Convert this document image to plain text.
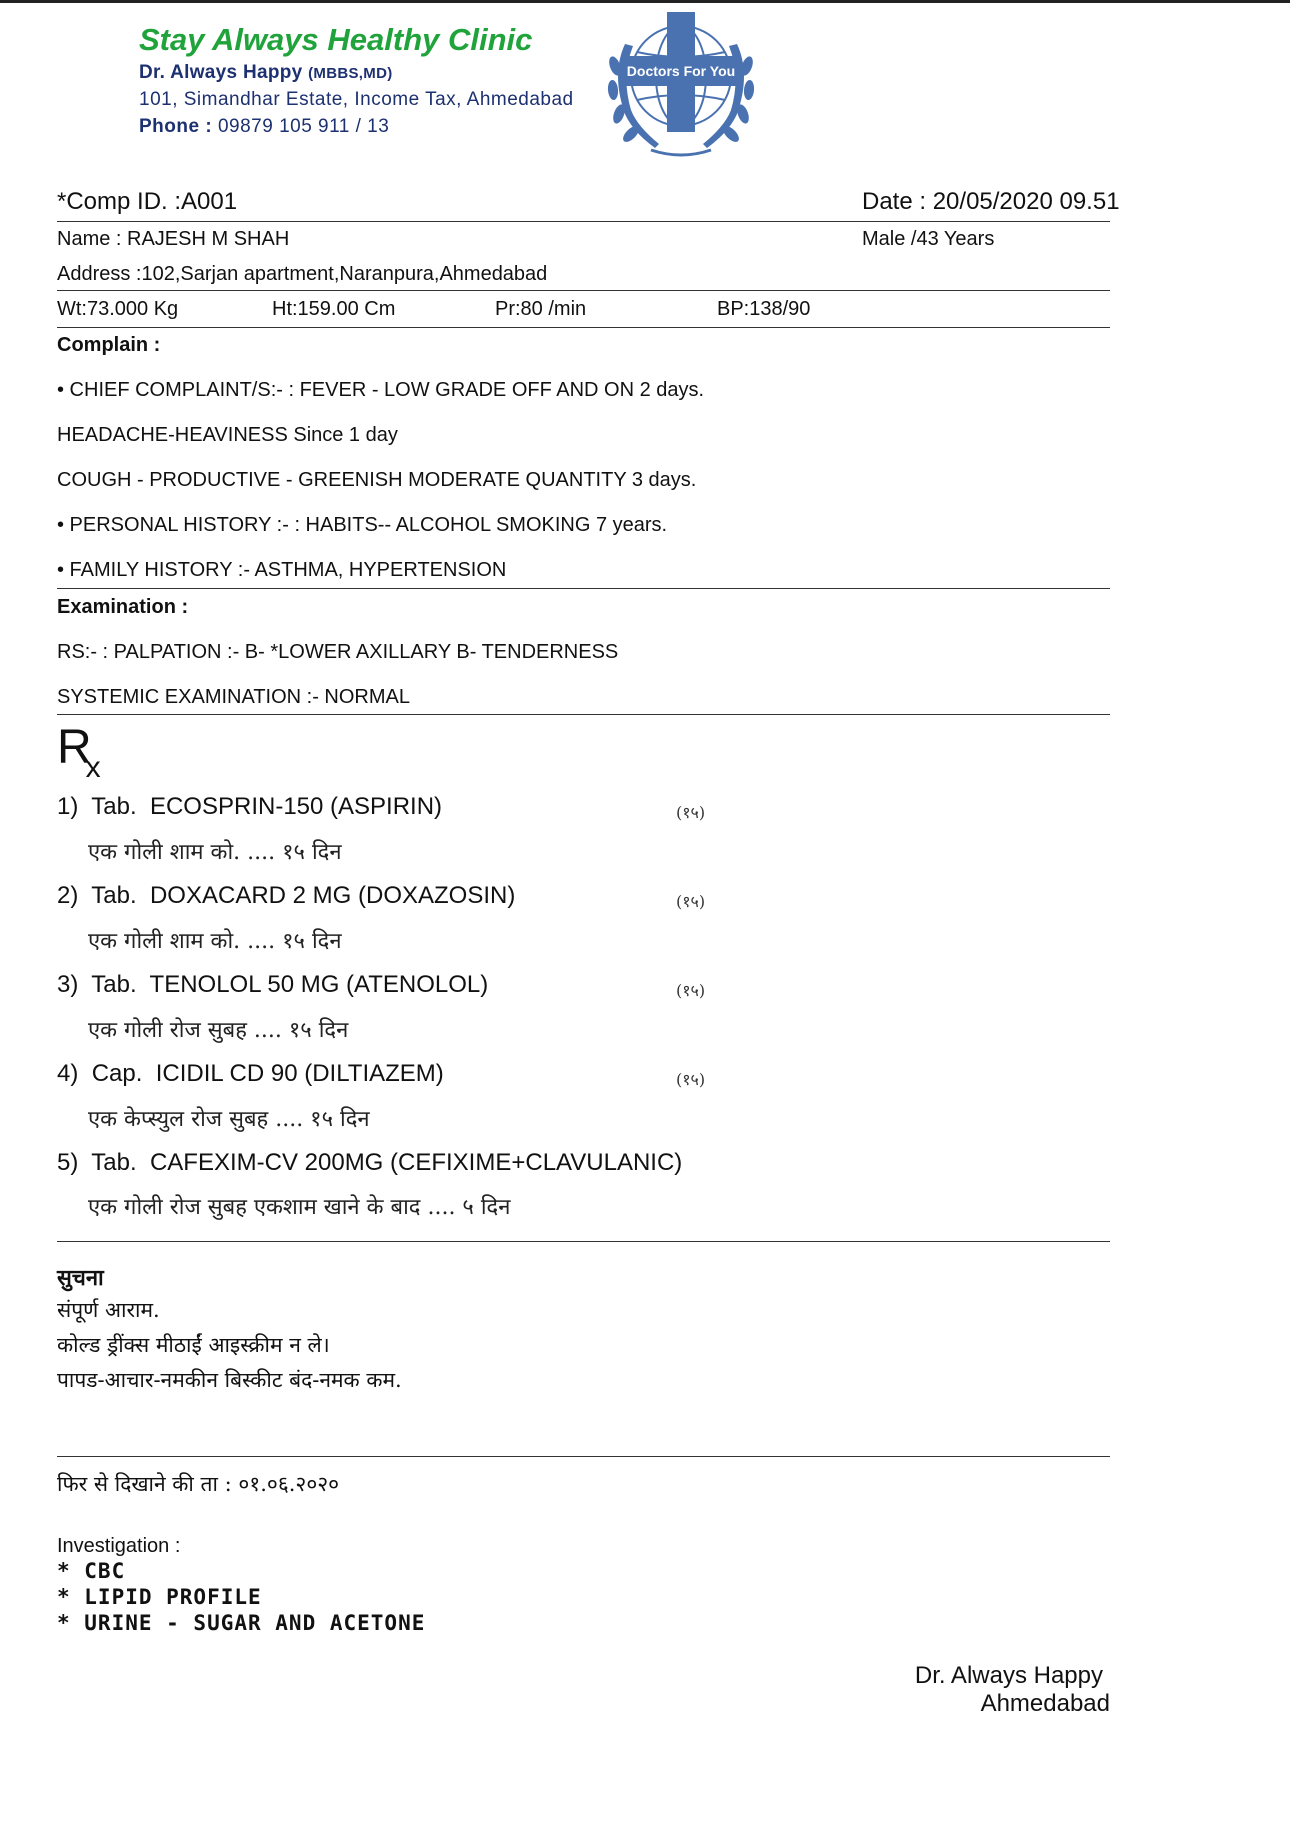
Stay Always Healthy Clinic
Dr. Always Happy (MBBS,MD)
101, Simandhar Estate, Income Tax, Ahmedabad
Phone : 09879 105 911 / 13
Doctors For You
*Comp ID. :A001	Date : 20/05/2020 09.51
Name : RAJESH M SHAH	Male /43 Years
Address :102,Sarjan apartment,Naranpura,Ahmedabad
Wt:73.000 Kg	Ht:159.00 Cm	Pr:80 /min	BP:138/90
Complain :
• CHIEF COMPLAINT/S:- : FEVER - LOW GRADE OFF AND ON 2 days.
HEADACHE-HEAVINESS Since 1 day
COUGH - PRODUCTIVE - GREENISH MODERATE QUANTITY 3 days.
• PERSONAL HISTORY :- : HABITS-- ALCOHOL SMOKING 7 years.
• FAMILY HISTORY :- ASTHMA, HYPERTENSION
Examination :
RS:- : PALPATION :- B- *LOWER AXILLARY B- TENDERNESS
SYSTEMIC EXAMINATION :- NORMAL
$R_x$
1) Tab. ECOSPRIN-150 (ASPIRIN)	(१५)
एक गोली शाम को. .... १५ दिन
2) Tab. DOXACARD 2 MG (DOXAZOSIN)	(१५)
एक गोली शाम को. .... १५ दिन
3) Tab. TENOLOL 50 MG (ATENOLOL)	(१५)
एक गोली रोज सुबह .... १५ दिन
4) Cap. ICIDIL CD 90 (DILTIAZEM)	(१५)
एक केप्स्युल रोज सुबह .... १५ दिन
5) Tab. CAFEXIM-CV 200MG (CEFIXIME+CLAVULANIC)
एक गोली रोज सुबह एकशाम खाने के बाद .... ५ दिन
सुचना
संपूर्ण आराम.
कोल्ड ड्रींक्स मीठाईं आइस्क्रीम न ले।
पापड-आचार-नमकीन बिस्कीट बंद-नमक कम.
फिर से दिखाने की ता : ०१.०६.२०२०
Investigation :
* CBC
* LIPID PROFILE
* URINE - SUGAR AND ACETONE
Dr. Always Happy
Ahmedabad
